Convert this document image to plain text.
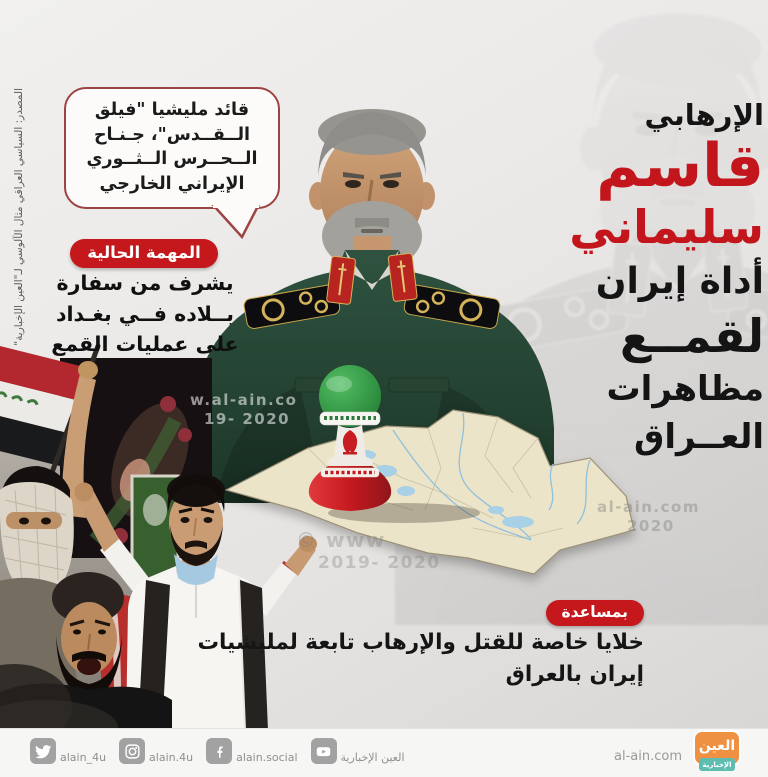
المصدر: السياسي العراقي مثال الآلوسي لـ"العين الإخبارية"	قائد مليشيا "فيلق
الــقــدس"، جـنـاح
الــحــرس الــثــوري
الإيراني الخارجي
المهمة الحالية
يشرف من سفارة
بــلاده فــي بغـداد
على عمليات القمع
الإرهابي
قاسم
سليماني
أداة إيران
لقمــع
مظاهرات
العــراق
بمساعدة
خلايا خاصة للقتل والإرهاب تابعة لمليشيات
إيران بالعراق
w.al-ain.co
19- 2020
© www
2019- 2020
al-ain.com
2020
alain_4u	alain.4u	alain.social	العين الإخبارية	al-ain.com
العين
الإخبارية
